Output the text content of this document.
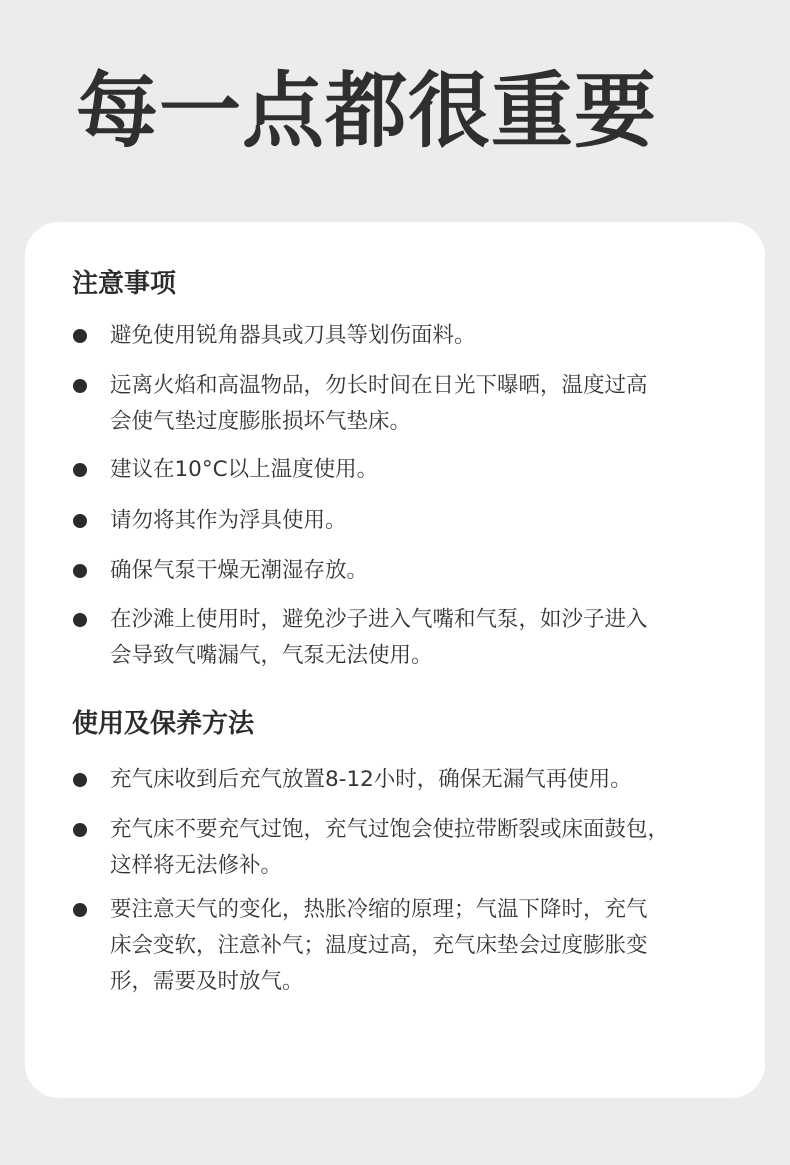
每一点都很重要
注意事项
避免使用锐角器具或刀具等划伤面料。
远离火焰和高温物品，勿长时间在日光下曝晒，温度过高
会使气垫过度膨胀损坏气垫床。
建议在10°C以上温度使用。
请勿将其作为浮具使用。
确保气泵干燥无潮湿存放。
在沙滩上使用时，避免沙子进入气嘴和气泵，如沙子进入
会导致气嘴漏气，气泵无法使用。
使用及保养方法
充气床收到后充气放置8-12小时，确保无漏气再使用。
充气床不要充气过饱，充气过饱会使拉带断裂或床面鼓包，
这样将无法修补。
要注意天气的变化，热胀冷缩的原理；气温下降时，充气
床会变软，注意补气；温度过高，充气床垫会过度膨胀变
形，需要及时放气。
